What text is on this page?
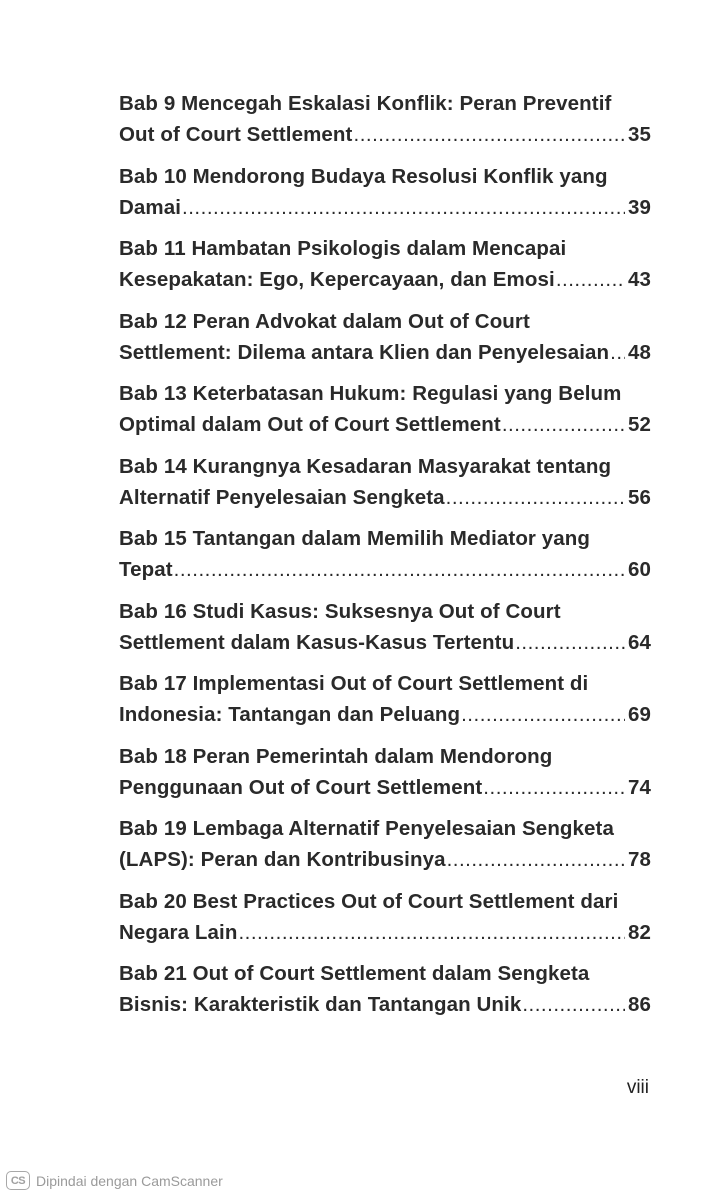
Bab 9 Mencegah Eskalasi Konflik: Peran Preventif
Out of Court Settlement .....	35
Bab 10 Mendorong Budaya Resolusi Konflik yang
Damai .....	39
Bab 11 Hambatan Psikologis dalam Mencapai
Kesepakatan: Ego, Kepercayaan, dan Emosi .....	43
Bab 12 Peran Advokat dalam Out of Court
Settlement: Dilema antara Klien dan Penyelesaian ..... 48
Bab 13 Keterbatasan Hukum: Regulasi yang Belum
Optimal dalam Out of Court Settlement .....	52
Bab 14 Kurangnya Kesadaran Masyarakat tentang
Alternatif Penyelesaian Sengketa .....	56
Bab 15 Tantangan dalam Memilih Mediator yang
Tepat .....	60
Bab 16 Studi Kasus: Suksesnya Out of Court
Settlement dalam Kasus-Kasus Tertentu .....	64
Bab 17 Implementasi Out of Court Settlement di
Indonesia: Tantangan dan Peluang .....	69
Bab 18 Peran Pemerintah dalam Mendorong
Penggunaan Out of Court Settlement .....	74
Bab 19 Lembaga Alternatif Penyelesaian Sengketa
(LAPS): Peran dan Kontribusinya .....	78
Bab 20 Best Practices Out of Court Settlement dari
Negara Lain .....	82
Bab 21 Out of Court Settlement dalam Sengketa
Bisnis: Karakteristik dan Tantangan Unik .....	86
viii
CS Dipindai dengan CamScanner
